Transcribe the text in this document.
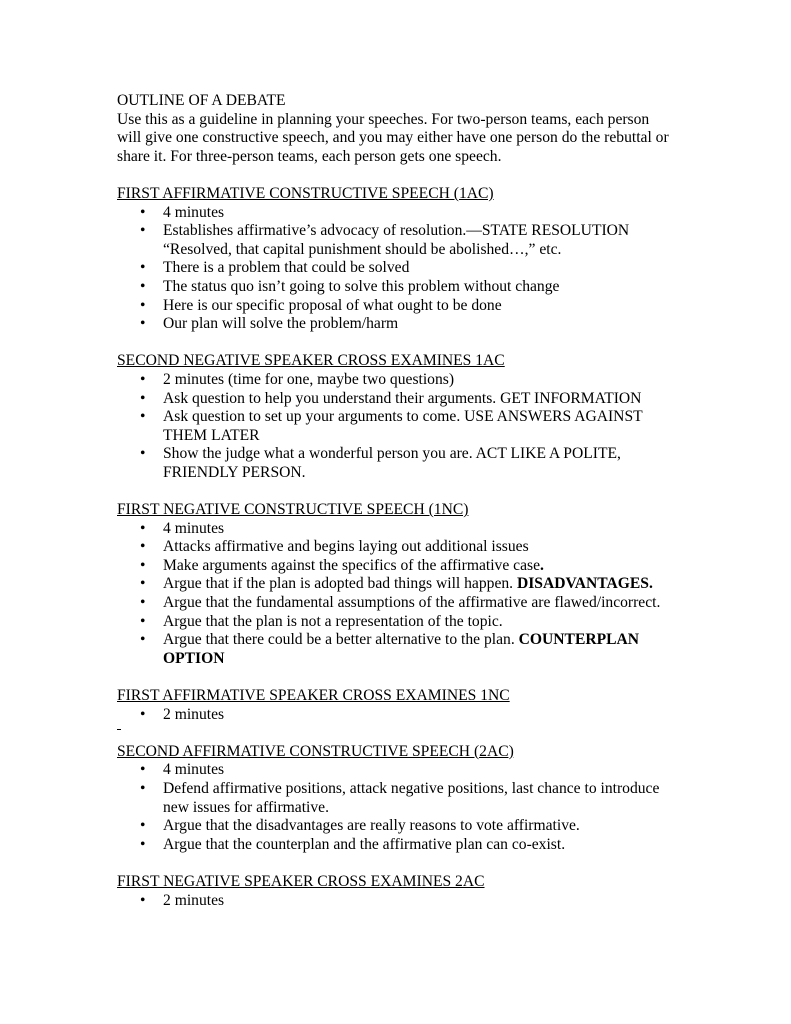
OUTLINE OF A DEBATE

Use this as a guideline in planning your speeches. For two-person teams, each person will give one constructive speech, and you may either have one person do the rebuttal or share it. For three-person teams, each person gets one speech.

FIRST AFFIRMATIVE CONSTRUCTIVE SPEECH (1AC)

• 4 minutes
• Establishes affirmative’s advocacy of resolution.—STATE RESOLUTION
“Resolved, that capital punishment should be abolished…,” etc.
• There is a problem that could be solved
• The status quo isn’t going to solve this problem without change
• Here is our specific proposal of what ought to be done
• Our plan will solve the problem/harm

SECOND NEGATIVE SPEAKER CROSS EXAMINES 1AC

• 2 minutes (time for one, maybe two questions)
• Ask question to help you understand their arguments. GET INFORMATION
• Ask question to set up your arguments to come. USE ANSWERS AGAINST THEM LATER
• Show the judge what a wonderful person you are. ACT LIKE A POLITE, FRIENDLY PERSON.

FIRST NEGATIVE CONSTRUCTIVE SPEECH (1NC)

• 4 minutes
• Attacks affirmative and begins laying out additional issues
• Make arguments against the specifics of the affirmative case.
• Argue that if the plan is adopted bad things will happen. DISADVANTAGES.
• Argue that the fundamental assumptions of the affirmative are flawed/incorrect.
• Argue that the plan is not a representation of the topic.
• Argue that there could be a better alternative to the plan. COUNTERPLAN OPTION

FIRST AFFIRMATIVE SPEAKER CROSS EXAMINES 1NC

• 2 minutes

SECOND AFFIRMATIVE CONSTRUCTIVE SPEECH (2AC)

• 4 minutes
• Defend affirmative positions, attack negative positions, last chance to introduce new issues for affirmative.
• Argue that the disadvantages are really reasons to vote affirmative.
• Argue that the counterplan and the affirmative plan can co-exist.

FIRST NEGATIVE SPEAKER CROSS EXAMINES 2AC

• 2 minutes
